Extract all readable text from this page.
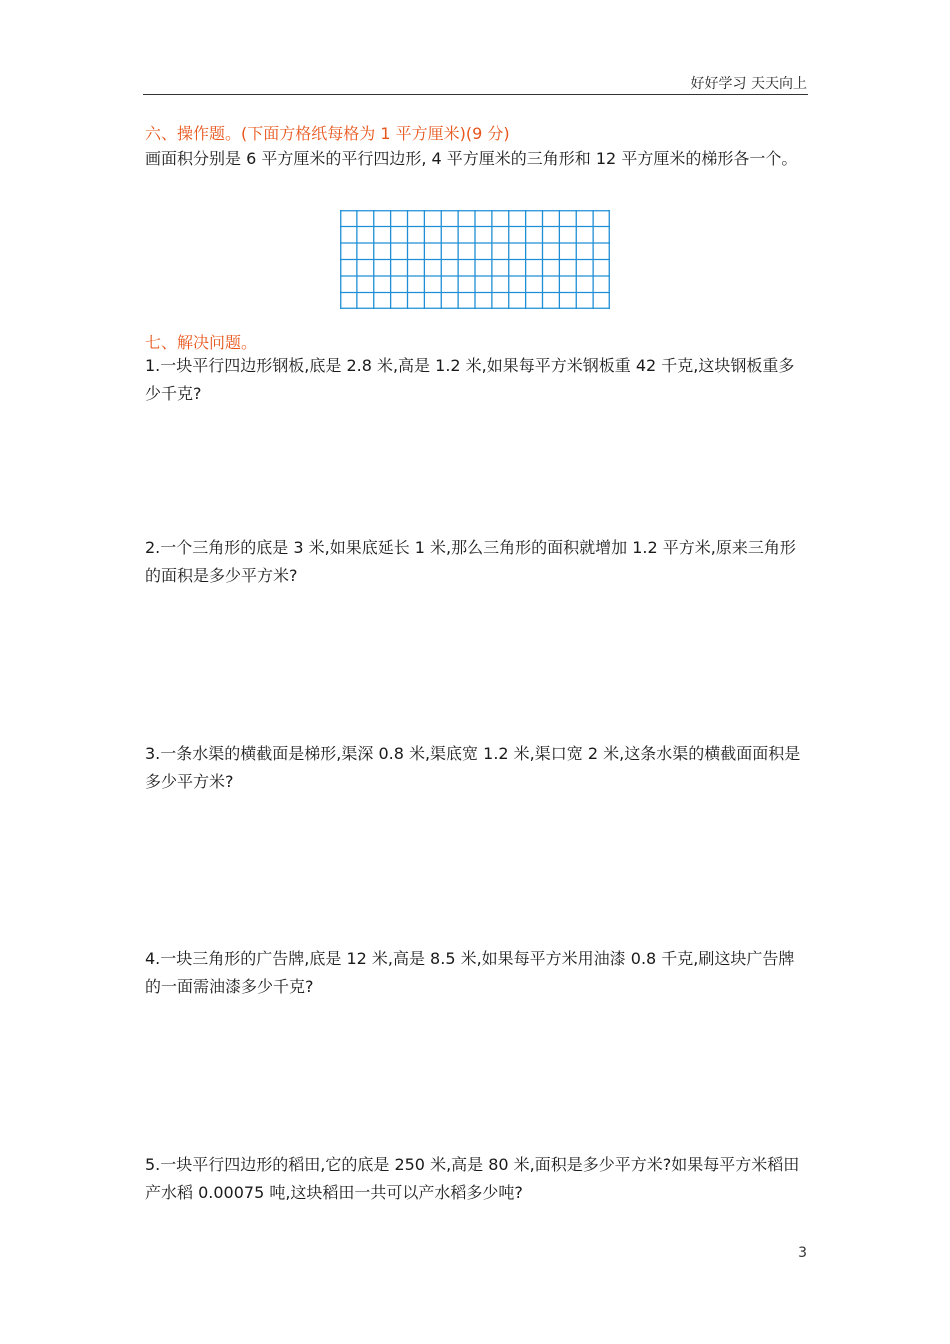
好好学习 天天向上
六、操作题。(下面方格纸每格为 1 平方厘米)(9 分)
画面积分别是 6 平方厘米的平行四边形, 4 平方厘米的三角形和 12 平方厘米的梯形各一个。
七、解决问题。
1.一块平行四边形钢板,底是 2.8 米,高是 1.2 米,如果每平方米钢板重 42 千克,这块钢板重多少千克?
2.一个三角形的底是 3 米,如果底延长 1 米,那么三角形的面积就增加 1.2 平方米,原来三角形的面积是多少平方米?
3.一条水渠的横截面是梯形,渠深 0.8 米,渠底宽 1.2 米,渠口宽 2 米,这条水渠的横截面面积是多少平方米?
4.一块三角形的广告牌,底是 12 米,高是 8.5 米,如果每平方米用油漆 0.8 千克,刷这块广告牌的一面需油漆多少千克?
5.一块平行四边形的稻田,它的底是 250 米,高是 80 米,面积是多少平方米?如果每平方米稻田产水稻 0.00075 吨,这块稻田一共可以产水稻多少吨?
3
